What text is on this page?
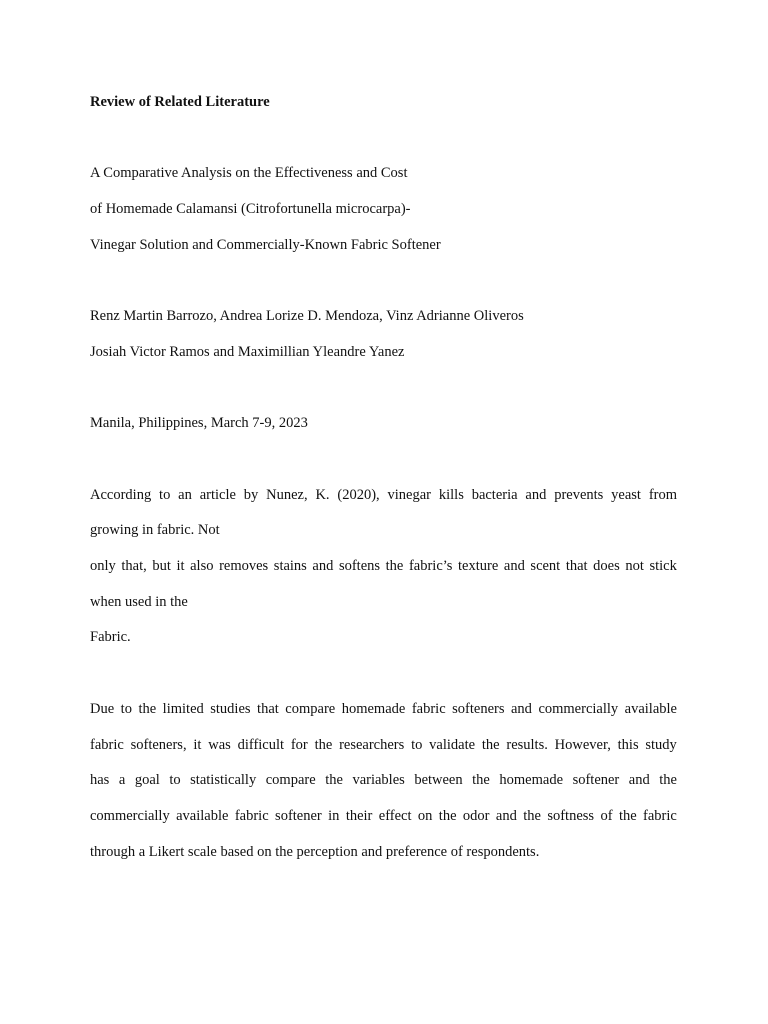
Review of Related Literature
A Comparative Analysis on the Effectiveness and Cost
of Homemade Calamansi (Citrofortunella microcarpa)-
Vinegar Solution and Commercially-Known Fabric Softener
Renz Martin Barrozo, Andrea Lorize D. Mendoza, Vinz Adrianne Oliveros
Josiah Victor Ramos and Maximillian Yleandre Yanez
Manila, Philippines, March 7-9, 2023
According to an article by Nunez, K. (2020), vinegar kills bacteria and prevents yeast from
growing in fabric. Not
only that, but it also removes stains and softens the fabric’s texture and scent that does not stick
when used in the
Fabric.
Due to the limited studies that compare homemade fabric softeners and commercially available
fabric softeners, it was difficult for the researchers to validate the results. However, this study
has a goal to statistically compare the variables between the homemade softener and the
commercially available fabric softener in their effect on the odor and the softness of the fabric
through a Likert scale based on the perception and preference of respondents.
